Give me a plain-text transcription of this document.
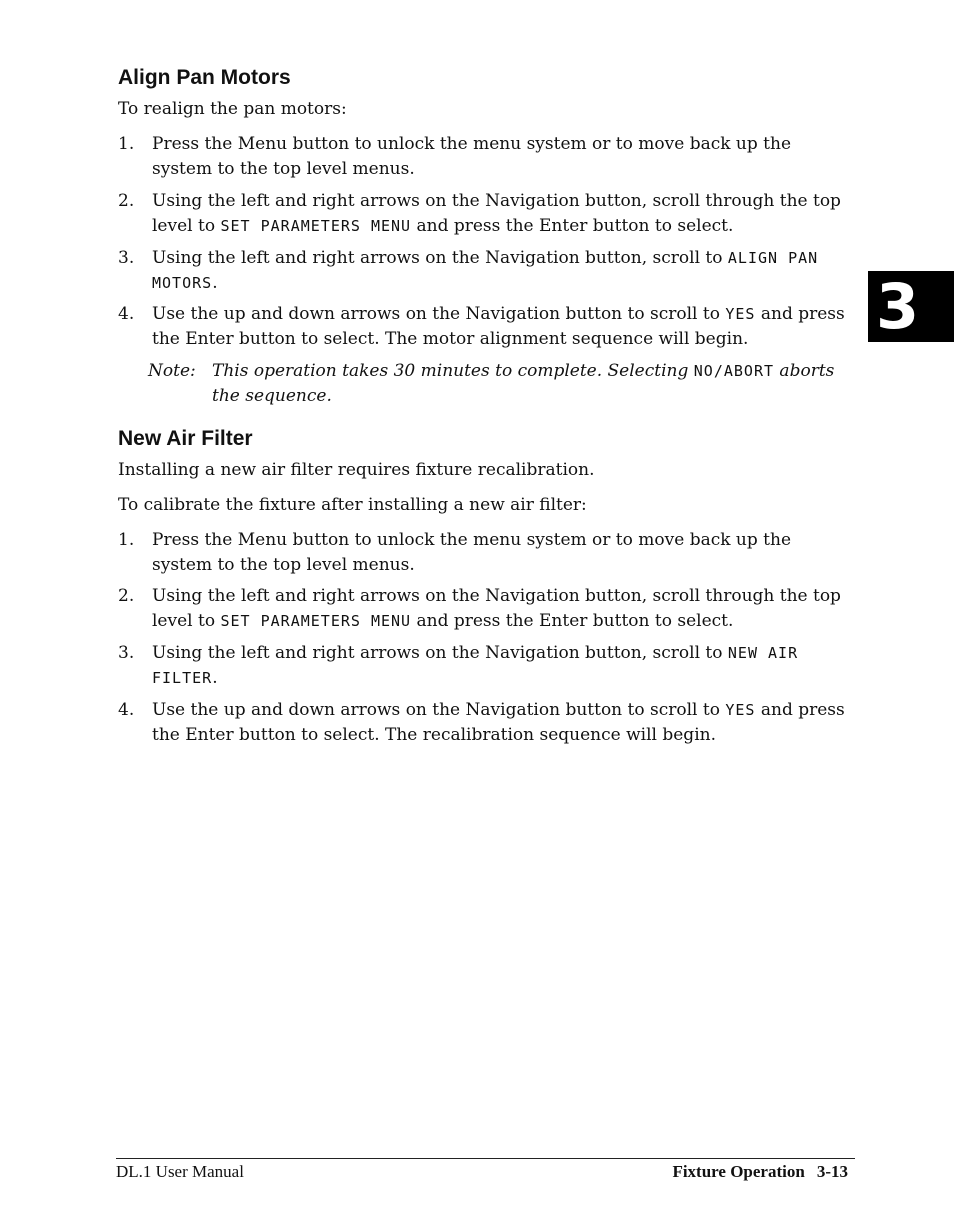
3
Align Pan Motors

To realign the pan motors:

1. Press the Menu button to unlock the menu system or to move back up the system to the top level menus.
2. Using the left and right arrows on the Navigation button, scroll through the top level to SET PARAMETERS MENU and press the Enter button to select.
3. Using the left and right arrows on the Navigation button, scroll to ALIGN PAN MOTORS.
4. Use the up and down arrows on the Navigation button to scroll to YES and press the Enter button to select. The motor alignment sequence will begin.
Note: This operation takes 30 minutes to complete. Selecting NO/ABORT aborts the sequence.
New Air Filter

Installing a new air filter requires fixture recalibration.

To calibrate the fixture after installing a new air filter:

1. Press the Menu button to unlock the menu system or to move back up the system to the top level menus.
2. Using the left and right arrows on the Navigation button, scroll through the top level to SET PARAMETERS MENU and press the Enter button to select.
3. Using the left and right arrows on the Navigation button, scroll to NEW AIR FILTER.
4. Use the up and down arrows on the Navigation button to scroll to YES and press the Enter button to select. The recalibration sequence will begin.
DL.1 User Manual	Fixture Operation 3-13
